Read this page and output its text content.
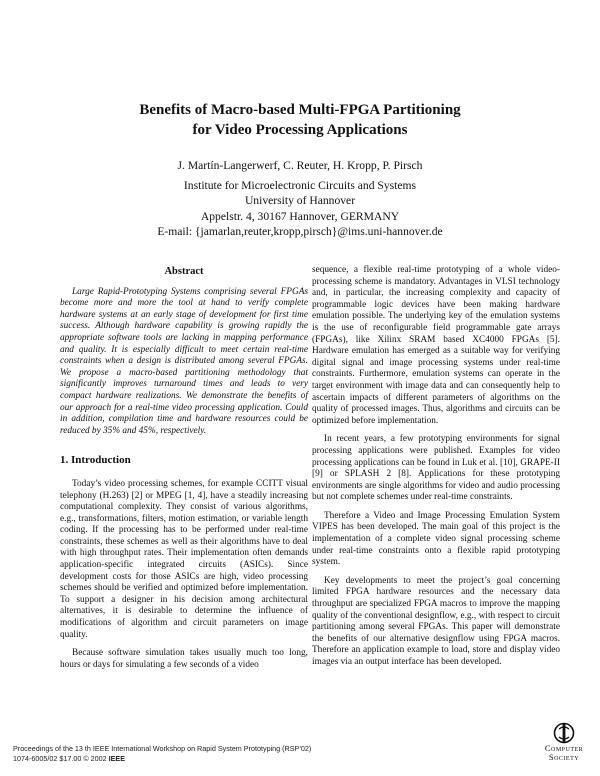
Benefits of Macro-based Multi-FPGA Partitioning
for Video Processing Applications
J. Martín-Langerwerf, C. Reuter, H. Kropp, P. Pirsch
Institute for Microelectronic Circuits and Systems
University of Hannover
Appelstr. 4, 30167 Hannover, GERMANY
E-mail: {jamarlan,reuter,kropp,pirsch}@ims.uni-hannover.de
Abstract

Large Rapid-Prototyping Systems comprising several FPGAs become more and more the tool at hand to verify complete hardware systems at an early stage of development for first time success. Although hardware capability is growing rapidly the appropriate software tools are lacking in mapping performance and quality. It is especially difficult to meet certain real-time constraints when a design is distributed among several FPGAs. We propose a macro-based partitioning methodology that significantly improves turnaround times and leads to very compact hardware realizations. We demonstrate the benefits of our approach for a real-time video processing application. Could in addition, compilation time and hardware resources could be reduced by 35% and 45%, respectively.

1. Introduction

Today’s video processing schemes, for example CCITT visual telephony (H.263) [2] or MPEG [1, 4], have a steadily increasing computational complexity. They consist of various algorithms, e.g., transformations, filters, motion estimation, or variable length coding. If the processing has to be performed under real-time constraints, these schemes as well as their algorithms have to deal with high throughput rates. Their implementation often demands application-specific integrated circuits (ASICs). Since development costs for those ASICs are high, video processing schemes should be verified and optimized before implementation. To support a designer in his decision among architectural alternatives, it is desirable to determine the influence of modifications of algorithm and circuit parameters on image quality.

Because software simulation takes usually much too long, hours or days for simulating a few seconds of a video

sequence, a flexible real-time prototyping of a whole video-processing scheme is mandatory. Advantages in VLSI technology and, in particular, the increasing complexity and capacity of programmable logic devices have been making hardware emulation possible. The underlying key of the emulation systems is the use of reconfigurable field programmable gate arrays (FPGAs), like Xilinx SRAM based XC4000 FPGAs [5]. Hardware emulation has emerged as a suitable way for verifying digital signal and image processing systems under real-time constraints. Furthermore, emulation systems can operate in the target environment with image data and can consequently help to ascertain impacts of different parameters of algorithms on the quality of processed images. Thus, algorithms and circuits can be optimized before implementation.

In recent years, a few prototyping environments for signal processing applications were published. Examples for video processing applications can be found in Luk et al. [10], GRAPE-II [9] or SPLASH 2 [8]. Applications for these prototyping environments are single algorithms for video and audio processing but not complete schemes under real-time constraints.

Therefore a Video and Image Processing Emulation System VIPES has been developed. The main goal of this project is the implementation of a complete video signal processing scheme under real-time constraints onto a flexible rapid prototyping system.

Key developments to meet the project’s goal concerning limited FPGA hardware resources and the necessary data throughput are specialized FPGA macros to improve the mapping quality of the conventional designflow, e.g., with respect to circuit partitioning among several FPGAs. This paper will demonstrate the benefits of our alternative designflow using FPGA macros. Therefore an application example to load, store and display video images via an output interface has been developed.

Proceedings of the 13 th IEEE International Workshop on Rapid System Prototyping (RSP’02)
1074-6005/02 $17.00 © 2002 IEEE
Computer
Society
